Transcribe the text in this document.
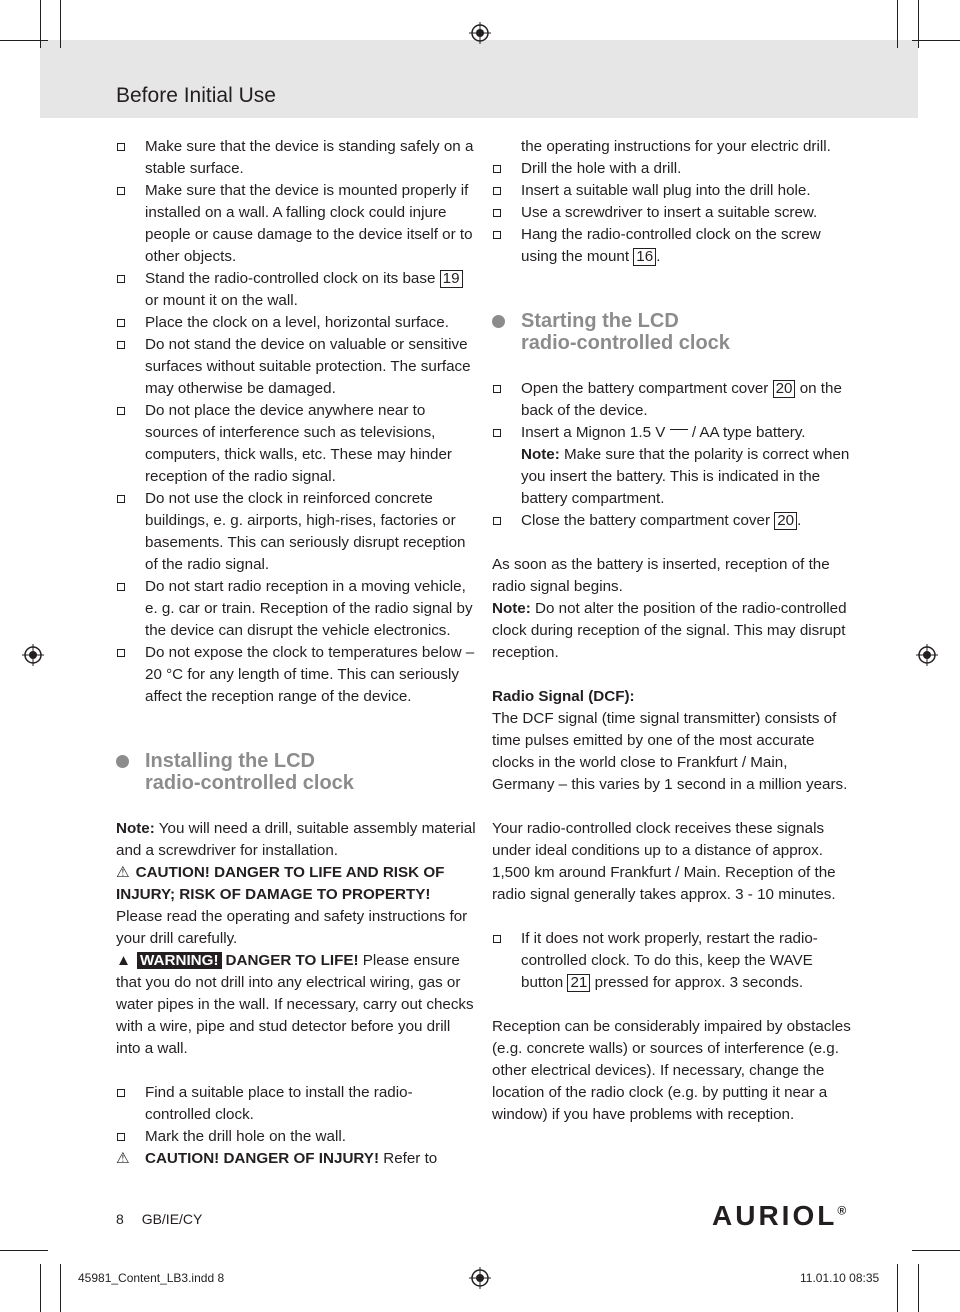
Before Initial Use
Make sure that the device is standing safely on a stable surface.
Make sure that the device is mounted properly if installed on a wall. A falling clock could injure people or cause damage to the device itself or to other objects.
Stand the radio-controlled clock on its base 19 or mount it on the wall.
Place the clock on a level, horizontal surface.
Do not stand the device on valuable or sensitive surfaces without suitable protection. The surface may otherwise be damaged.
Do not place the device anywhere near to sources of interference such as televisions, computers, thick walls, etc. These may hinder reception of the radio signal.
Do not use the clock in reinforced concrete buildings, e. g. airports, high-rises, factories or basements. This can seriously disrupt reception of the radio signal.
Do not start radio reception in a moving vehicle, e. g. car or train. Reception of the radio signal by the device can disrupt the vehicle electronics.
Do not expose the clock to temperatures below –20 °C for any length of time. This can seriously affect the reception range of the device.
Installing the LCD
radio-controlled clock
Note: You will need a drill, suitable assembly material and a screwdriver for installation.
⚠ CAUTION! DANGER TO LIFE AND RISK OF INJURY; RISK OF DAMAGE TO PROPERTY! Please read the operating and safety instructions for your drill carefully.
▲ WARNING! DANGER TO LIFE! Please ensure that you do not drill into any electrical wiring, gas or water pipes in the wall. If necessary, carry out checks with a wire, pipe and stud detector before you drill into a wall.
Find a suitable place to install the radio-controlled clock.
Mark the drill hole on the wall.
⚠ CAUTION! DANGER OF INJURY! Refer to
the operating instructions for your electric drill.
Drill the hole with a drill.
Insert a suitable wall plug into the drill hole.
Use a screwdriver to insert a suitable screw.
Hang the radio-controlled clock on the screw using the mount 16 .
Starting the LCD
radio-controlled clock
Open the battery compartment cover 20 on the back of the device.
Insert a Mignon 1.5 V  / AA type battery.
Note: Make sure that the polarity is correct when you insert the battery. This is indicated in the battery compartment.
Close the battery compartment cover 20 .
As soon as the battery is inserted, reception of the radio signal begins.
Note: Do not alter the position of the radio-controlled clock during reception of the signal. This may disrupt reception.
Radio Signal (DCF):
The DCF signal (time signal transmitter) consists of time pulses emitted by one of the most accurate clocks in the world close to Frankfurt / Main, Germany – this varies by 1 second in a million years.
Your radio-controlled clock receives these signals under ideal conditions up to a distance of approx. 1,500 km around Frankfurt / Main. Reception of the radio signal generally takes approx. 3 - 10 minutes.
If it does not work properly, restart the radio-controlled clock. To do this, keep the WAVE button 21 pressed for approx. 3 seconds.
Reception can be considerably impaired by obstacles (e.g. concrete walls) or sources of interference (e.g. other electrical devices). If necessary, change the location of the radio clock (e.g. by putting it near a window) if you have problems with reception.
8 GB/IE/CY	AURIOL®
45981_Content_LB3.indd 8	11.01.10 08:35
